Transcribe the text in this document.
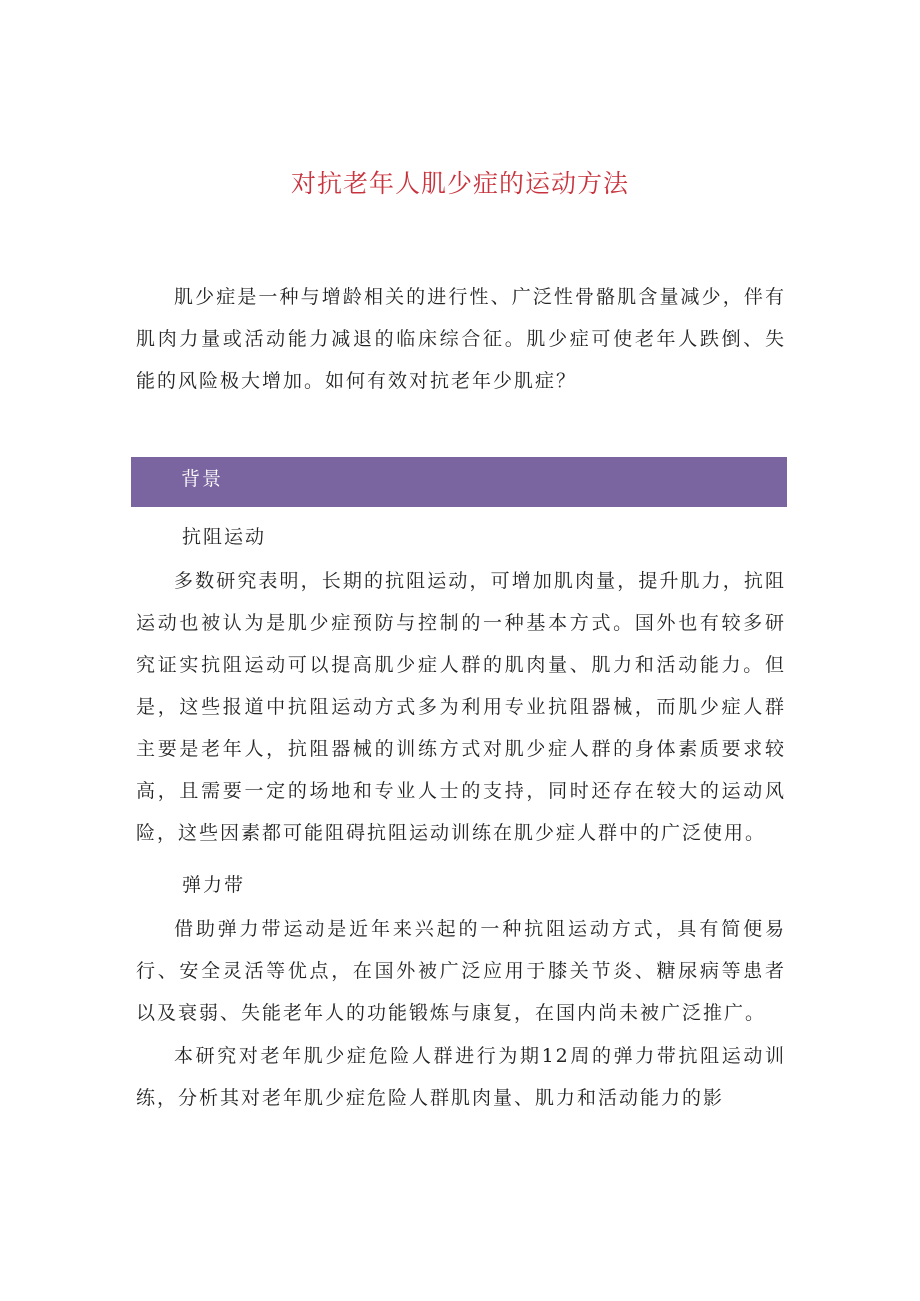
对抗老年人肌少症的运动方法

肌少症是一种与增龄相关的进行性、广泛性骨骼肌含量减少，伴有肌肉力量或活动能力减退的临床综合征。肌少症可使老年人跌倒、失能的风险极大增加。如何有效对抗老年少肌症？

背景
抗阻运动

多数研究表明，长期的抗阻运动，可增加肌肉量，提升肌力，抗阻运动也被认为是肌少症预防与控制的一种基本方式。国外也有较多研究证实抗阻运动可以提高肌少症人群的肌肉量、肌力和活动能力。但是，这些报道中抗阻运动方式多为利用专业抗阻器械，而肌少症人群主要是老年人，抗阻器械的训练方式对肌少症人群的身体素质要求较高，且需要一定的场地和专业人士的支持，同时还存在较大的运动风险，这些因素都可能阻碍抗阻运动训练在肌少症人群中的广泛使用。

弹力带

借助弹力带运动是近年来兴起的一种抗阻运动方式，具有简便易行、安全灵活等优点，在国外被广泛应用于膝关节炎、糖尿病等患者以及衰弱、失能老年人的功能锻炼与康复，在国内尚未被广泛推广。

本研究对老年肌少症危险人群进行为期12周的弹力带抗阻运动训练，分析其对老年肌少症危险人群肌肉量、肌力和活动能力的影
